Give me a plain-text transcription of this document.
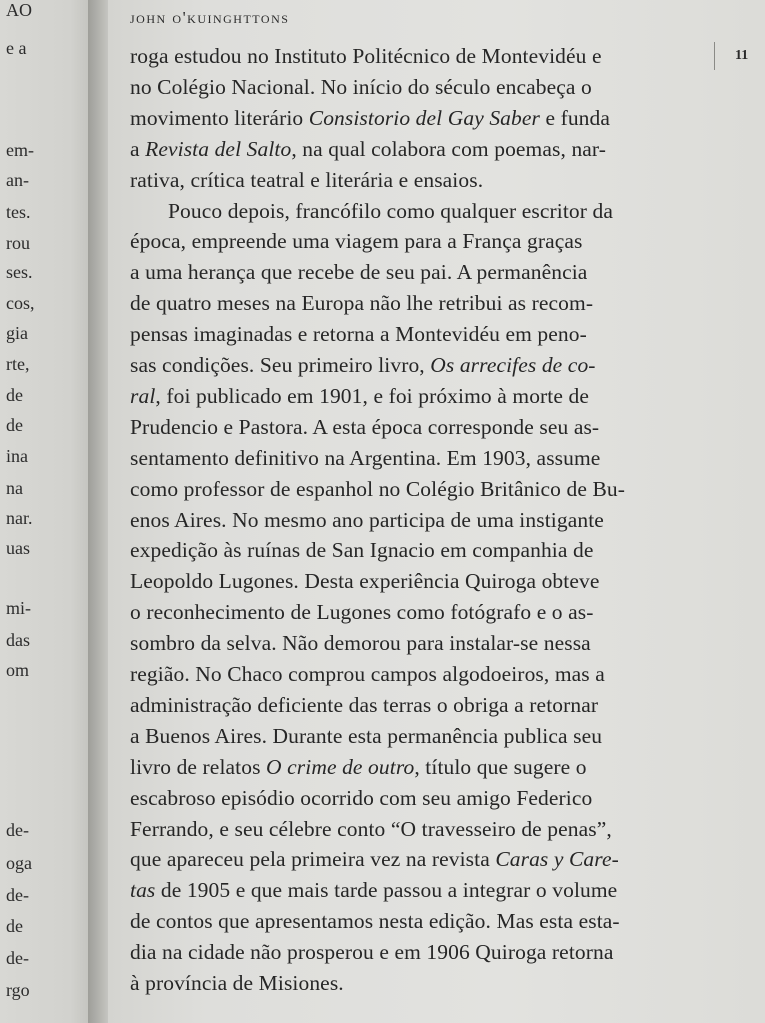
AO
e a
em-
an-
tes.
rou
ses.
cos,
gia
rte,
de
de
ina
na
nar.
uas
mi-
das
om
de-
oga
de-
de
de-
rgo
john o'kuinghttons
11
roga estudou no Instituto Politécnico de Montevidéu e
no Colégio Nacional. No início do século encabeça o
movimento literário Consistorio del Gay Saber e funda
a Revista del Salto, na qual colabora com poemas, nar-
rativa, crítica teatral e literária e ensaios.
Pouco depois, francófilo como qualquer escritor da
época, empreende uma viagem para a França graças
a uma herança que recebe de seu pai. A permanência
de quatro meses na Europa não lhe retribui as recom-
pensas imaginadas e retorna a Montevidéu em peno-
sas condições. Seu primeiro livro, Os arrecifes de co-
ral, foi publicado em 1901, e foi próximo à morte de
Prudencio e Pastora. A esta época corresponde seu as-
sentamento definitivo na Argentina. Em 1903, assume
como professor de espanhol no Colégio Britânico de Bu-
enos Aires. No mesmo ano participa de uma instigante
expedição às ruínas de San Ignacio em companhia de
Leopoldo Lugones. Desta experiência Quiroga obteve
o reconhecimento de Lugones como fotógrafo e o as-
sombro da selva. Não demorou para instalar-se nessa
região. No Chaco comprou campos algodoeiros, mas a
administração deficiente das terras o obriga a retornar
a Buenos Aires. Durante esta permanência publica seu
livro de relatos O crime de outro, título que sugere o
escabroso episódio ocorrido com seu amigo Federico
Ferrando, e seu célebre conto “O travesseiro de penas”,
que apareceu pela primeira vez na revista Caras y Care-
tas de 1905 e que mais tarde passou a integrar o volume
de contos que apresentamos nesta edição. Mas esta esta-
dia na cidade não prosperou e em 1906 Quiroga retorna
à província de Misiones.
